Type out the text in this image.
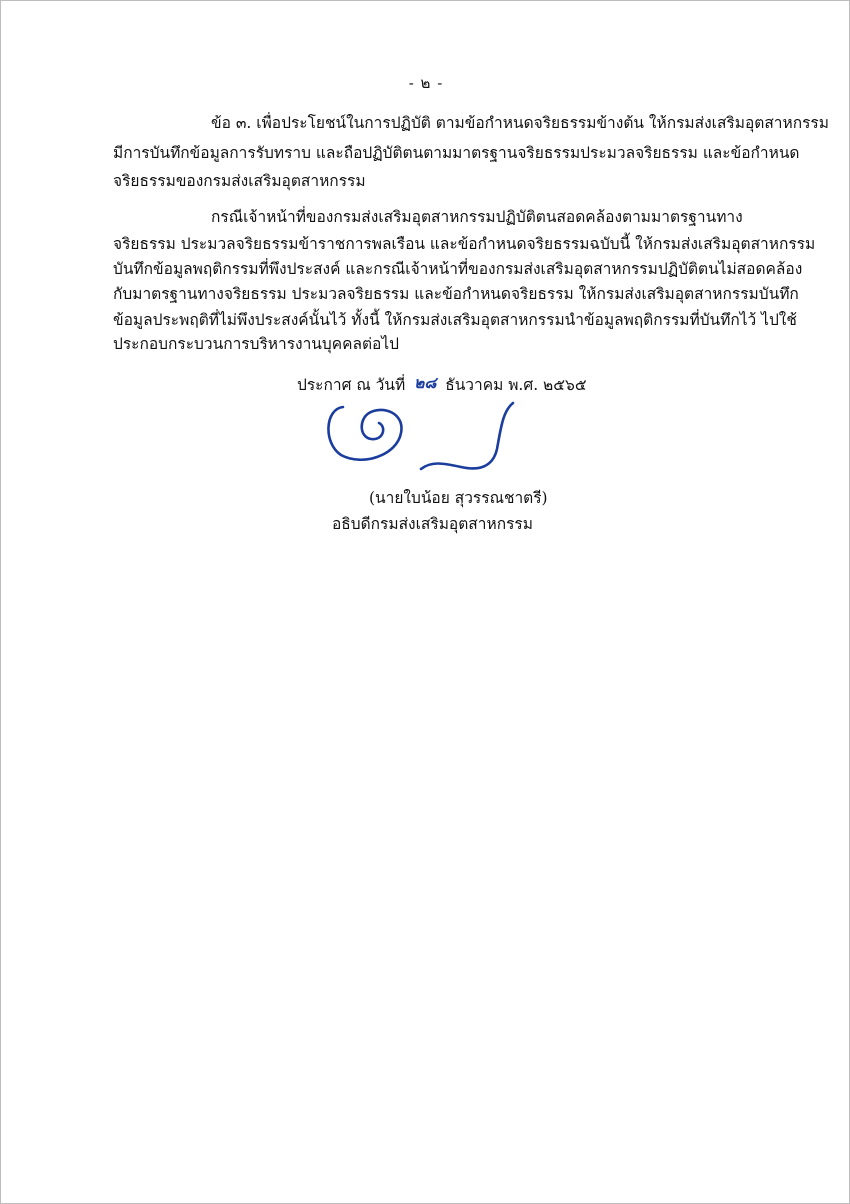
- ๒ -
ข้อ ๓. เพื่อประโยชน์ในการปฏิบัติ ตามข้อกำหนดจริยธรรมข้างต้น ให้กรมส่งเสริมอุตสาหกรรม
มีการบันทึกข้อมูลการรับทราบ และถือปฏิบัติตนตามมาตรฐานจริยธรรมประมวลจริยธรรม และข้อกำหนด
จริยธรรมของกรมส่งเสริมอุตสาหกรรม
กรณีเจ้าหน้าที่ของกรมส่งเสริมอุตสาหกรรมปฏิบัติตนสอดคล้องตามมาตรฐานทาง
จริยธรรม ประมวลจริยธรรมข้าราชการพลเรือน และข้อกำหนดจริยธรรมฉบับนี้ ให้กรมส่งเสริมอุตสาหกรรม
บันทึกข้อมูลพฤติกรรมที่พึงประสงค์ และกรณีเจ้าหน้าที่ของกรมส่งเสริมอุตสาหกรรมปฏิบัติตนไม่สอดคล้อง
กับมาตรฐานทางจริยธรรม ประมวลจริยธรรม และข้อกำหนดจริยธรรม ให้กรมส่งเสริมอุตสาหกรรมบันทึก
ข้อมูลประพฤติที่ไม่พึงประสงค์นั้นไว้ ทั้งนี้ ให้กรมส่งเสริมอุตสาหกรรมนำข้อมูลพฤติกรรมที่บันทึกไว้ ไปใช้
ประกอบกระบวนการบริหารงานบุคคลต่อไป
ประกาศ ณ วันที่ ๒๘ ธันวาคม พ.ศ. ๒๕๖๕
(นายใบน้อย สุวรรณชาตรี)
อธิบดีกรมส่งเสริมอุตสาหกรรม
